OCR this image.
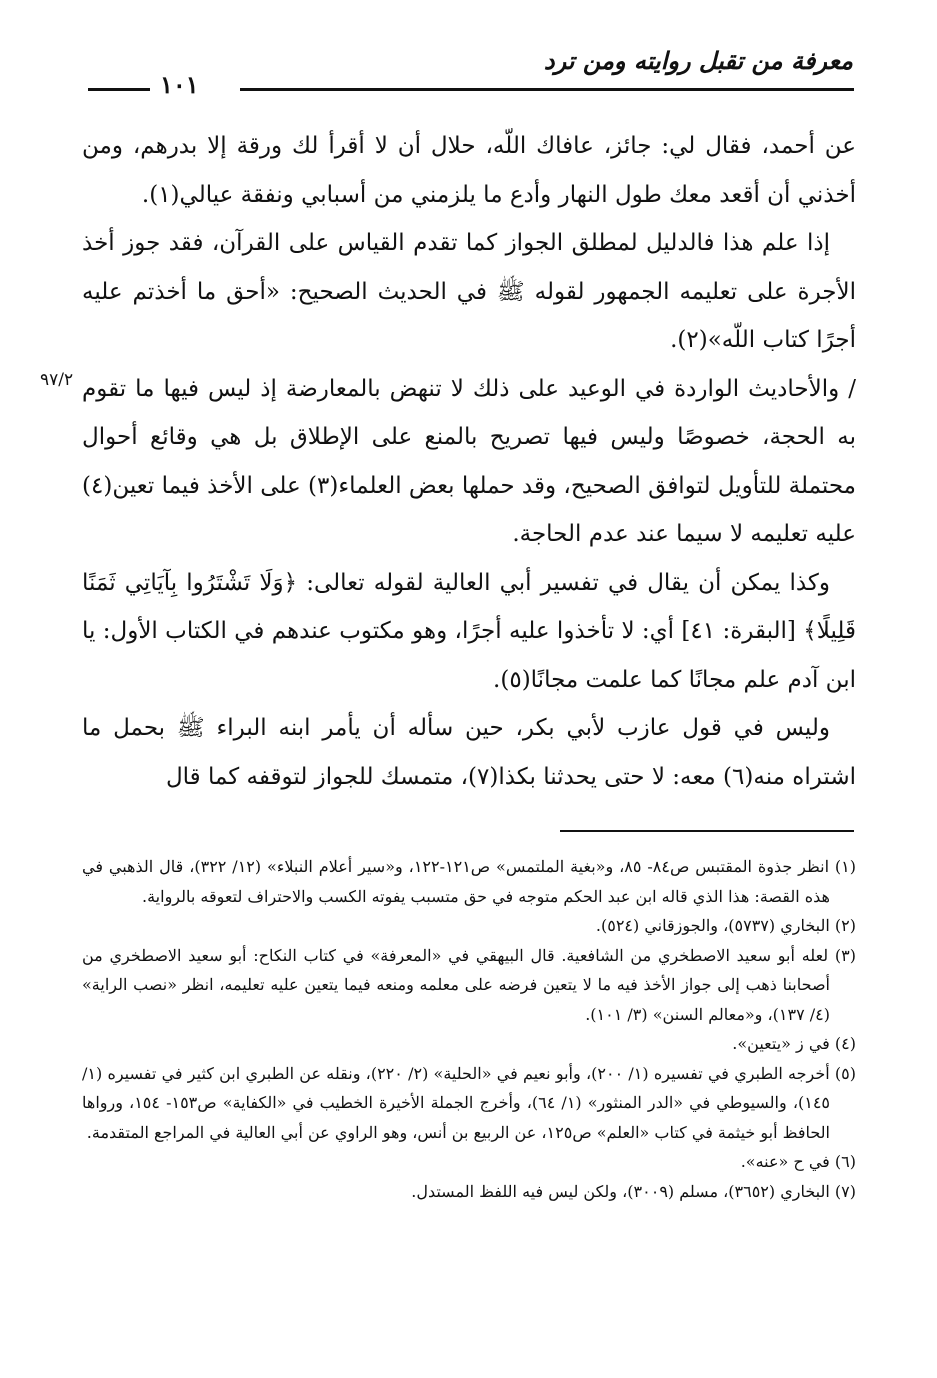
معرفة من تقبل روايته ومن ترد
١٠١
٩٧/٢

عن أحمد، فقال لي: جائز، عافاك اللّه، حلال أن لا أقرأ لك ورقة إلا بدرهم، ومن أخذني أن أقعد معك طول النهار وأدع ما يلزمني من أسبابي ونفقة عيالي(١).

إذا علم هذا فالدليل لمطلق الجواز كما تقدم القياس على القرآن، فقد جوز أخذ الأجرة على تعليمه الجمهور لقوله ﷺ في الحديث الصحيح: «أحق ما أخذتم عليه أجرًا كتاب اللّه»(٢).

/ والأحاديث الواردة في الوعيد على ذلك لا تنهض بالمعارضة إذ ليس فيها ما تقوم به الحجة، خصوصًا وليس فيها تصريح بالمنع على الإطلاق بل هي وقائع أحوال محتملة للتأويل لتوافق الصحيح، وقد حملها بعض العلماء(٣) على الأخذ فيما تعين(٤) عليه تعليمه لا سيما عند عدم الحاجة.

وكذا يمكن أن يقال في تفسير أبي العالية لقوله تعالى: ﴿وَلَا تَشْتَرُوا بِآيَاتِي ثَمَنًا قَلِيلًا﴾ [البقرة: ٤١] أي: لا تأخذوا عليه أجرًا، وهو مكتوب عندهم في الكتاب الأول: يا ابن آدم علم مجانًا كما علمت مجانًا(٥).

وليس في قول عازب لأبي بكر، حين سأله أن يأمر ابنه البراء ﷺ بحمل ما اشتراه منه(٦) معه: لا حتى يحدثنا بكذا(٧)، متمسك للجواز لتوقفه كما قال

(١) انظر جذوة المقتبس ص٨٤- ٨٥، و«بغية الملتمس» ص١٢١-١٢٢، و«سير أعلام النبلاء» (١٢/ ٣٢٢)، قال الذهبي في هذه القصة: هذا الذي قاله ابن عبد الحكم متوجه في حق متسبب يفوته الكسب والاحتراف لتعوقه بالرواية.

(٢) البخاري (٥٧٣٧)، والجوزقاني (٥٢٤).

(٣) لعله أبو سعيد الاصطخري من الشافعية. قال البيهقي في «المعرفة» في كتاب النكاح: أبو سعيد الاصطخري من أصحابنا ذهب إلى جواز الأخذ فيه ما لا يتعين فرضه على معلمه ومنعه فيما يتعين عليه تعليمه، انظر «نصب الراية» (٤/ ١٣٧)، و«معالم السنن» (٣/ ١٠١).

(٤) في ز «يتعين».

(٥) أخرجه الطبري في تفسيره (١/ ٢٠٠)، وأبو نعيم في «الحلية» (٢/ ٢٢٠)، ونقله عن الطبري ابن كثير في تفسيره (١/ ١٤٥)، والسيوطي في «الدر المنثور» (١/ ٦٤)، وأخرج الجملة الأخيرة الخطيب في «الكفاية» ص١٥٣- ١٥٤، ورواها الحافظ أبو خيثمة في كتاب «العلم» ص١٢٥، عن الربيع بن أنس، وهو الراوي عن أبي العالية في المراجع المتقدمة.

(٦) في ح «عنه».

(٧) البخاري (٣٦٥٢)، مسلم (٣٠٠٩)، ولكن ليس فيه اللفظ المستدل.
